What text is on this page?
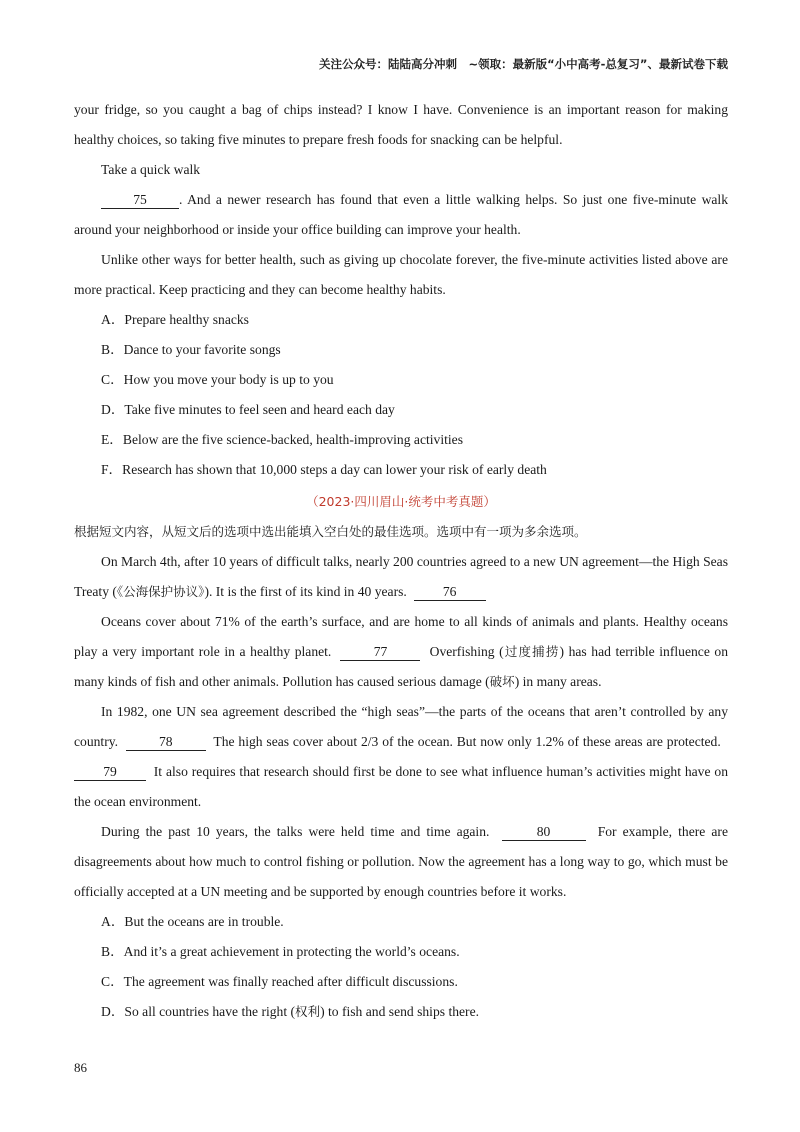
关注公众号：陆陆高分冲刺　~领取：最新版“小中高考-总复习”、最新试卷下载

your fridge, so you caught a bag of chips instead? I know I have. Convenience is an important reason for making healthy choices, so taking five minutes to prepare fresh foods for snacking can be helpful.

Take a quick walk

75 . And a newer research has found that even a little walking helps. So just one five-minute walk around your neighborhood or inside your office building can improve your health.

Unlike other ways for better health, such as giving up chocolate forever, the five-minute activities listed above are more practical. Keep practicing and they can become healthy habits.

A．Prepare healthy snacks

B．Dance to your favorite songs

C．How you move your body is up to you

D．Take five minutes to feel seen and heard each day

E．Below are the five science-backed, health-improving activities

F．Research has shown that 10,000 steps a day can lower your risk of early death

（2023·四川眉山·统考中考真题）

根据短文内容，从短文后的选项中选出能填入空白处的最佳选项。选项中有一项为多余选项。

On March 4th, after 10 years of difficult talks, nearly 200 countries agreed to a new UN agreement—the High Seas Treaty (《公海保护协议》). It is the first of its kind in 40 years.	76

Oceans cover about 71% of the earth’s surface, and are home to all kinds of animals and plants. Healthy oceans play a very important role in a healthy planet.	77	Overfishing (过度捕捞) has had terrible influence on many kinds of fish and other animals. Pollution has caused serious damage (破坏) in many areas.

In 1982, one UN sea agreement described the “high seas”—the parts of the oceans that aren’t controlled by any country.	78	The high seas cover about 2/3 of the ocean. But now only 1.2% of these areas are protected.  79	It also requires that research should first be done to see what influence human’s activities might have on the ocean environment.

During the past 10 years, the talks were held time and time again.	80	For example, there are disagreements about how much to control fishing or pollution. Now the agreement has a long way to go, which must be officially accepted at a UN meeting and be supported by enough countries before it works.

A．But the oceans are in trouble.

B．And it’s a great achievement in protecting the world’s oceans.

C．The agreement was finally reached after difficult discussions.

D．So all countries have the right (权利) to fish and send ships there.

86
